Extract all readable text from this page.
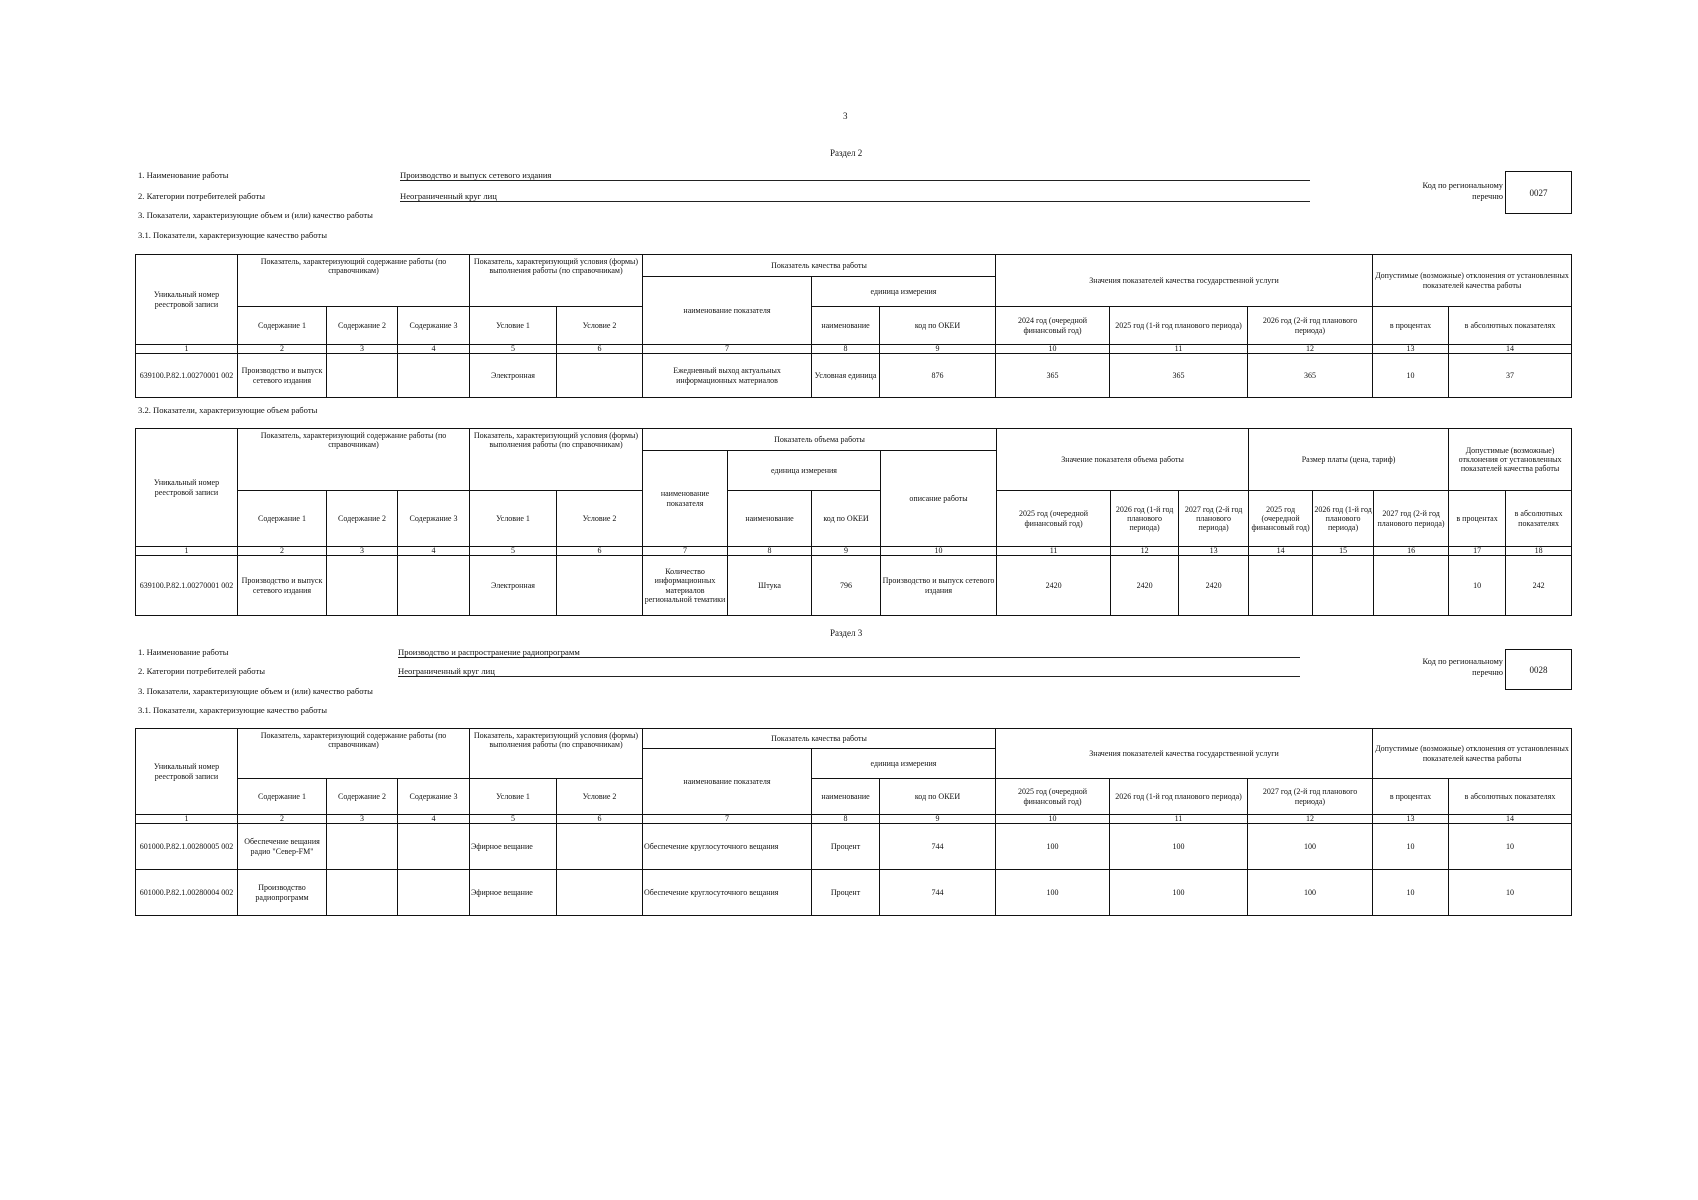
3
Раздел 2
1. Наименование работы	Производство и выпуск сетевого издания
2. Категории потребителей работы	Неограниченный круг лиц
3. Показатели, характеризующие объем и (или) качество работы
3.1. Показатели, характеризующие качество работы
Код по региональному перечню	0027
Уникальный номер реестровой записи	Показатель, характеризующий содержание работы (по справочникам)			Показатель, характеризующий условия (формы) выполнения работы (по справочникам)		Показатель качества работы			Значения показателей качества государственной услуги			Допустимые (возможные) отклонения от установленных показателей качества работы	
						наименование показателя	единица измерения						
	Содержание 1	Содержание 2	Содержание 3	Условие 1	Условие 2		наименование	код по ОКЕИ	2024 год (очередной финансовый год)	2025 год (1-й год планового периода)	2026 год (2-й год планового периода)	в процентах	в абсолютных показателях
1	2	3	4	5	6	7	8	9	10	11	12	13	14
639100.Р.82.1.00270001 002	Производство и выпуск сетевого издания			Электронная		Ежедневный выход актуальных информационных материалов	Условная единица	876	365	365	365	10	37
3.2. Показатели, характеризующие объем работы
Уникальный номер реестровой записи	Показатель, характеризующий содержание работы (по справочникам)			Показатель, характеризующий условия (формы) выполнения работы (по справочникам)		Показатель объема работы				Значение показателя объема работы			Размер платы (цена, тариф)			Допустимые (возможные) отклонения от установленных показателей качества работы	
						наименование показателя	единица измерения		описание работы								
	Содержание 1	Содержание 2	Содержание 3	Условие 1	Условие 2		наименование	код по ОКЕИ		2025 год (очередной финансовый год)	2026 год (1-й год планового периода)	2027 год (2-й год планового периода)	2025 год (очередной финансовый год)	2026 год (1-й год планового периода)	2027 год (2-й год планового периода)	в процентах	в абсолютных показателях
1	2	3	4	5	6	7	8	9	10	11	12	13	14	15	16	17	18
639100.Р.82.1.00270001 002	Производство и выпуск сетевого издания			Электронная		Количество информационных материалов региональной тематики	Штука	796	Производство и выпуск сетевого издания	2420	2420	2420				10	242
Раздел 3
1. Наименование работы	Производство и распространение радиопрограмм
2. Категории потребителей работы	Неограниченный круг лиц
3. Показатели, характеризующие объем и (или) качество работы
3.1. Показатели, характеризующие качество работы
Код по региональному перечню	0028
Уникальный номер реестровой записи	Показатель, характеризующий содержание работы (по справочникам)			Показатель, характеризующий условия (формы) выполнения работы (по справочникам)		Показатель качества работы			Значения показателей качества государственной услуги			Допустимые (возможные) отклонения от установленных показателей качества работы	
						наименование показателя	единица измерения						
	Содержание 1	Содержание 2	Содержание 3	Условие 1	Условие 2		наименование	код по ОКЕИ	2025 год (очередной финансовый год)	2026 год (1-й год планового периода)	2027 год (2-й год планового периода)	в процентах	в абсолютных показателях
1	2	3	4	5	6	7	8	9	10	11	12	13	14
601000.Р.82.1.00280005 002	Обеспечение вещания радио "Север-FM"			Эфирное вещание		Обеспечение круглосуточного вещания	Процент	744	100	100	100	10	10
601000.Р.82.1.00280004 002	Производство радиопрограмм			Эфирное вещание		Обеспечение круглосуточного вещания	Процент	744	100	100	100	10	10
